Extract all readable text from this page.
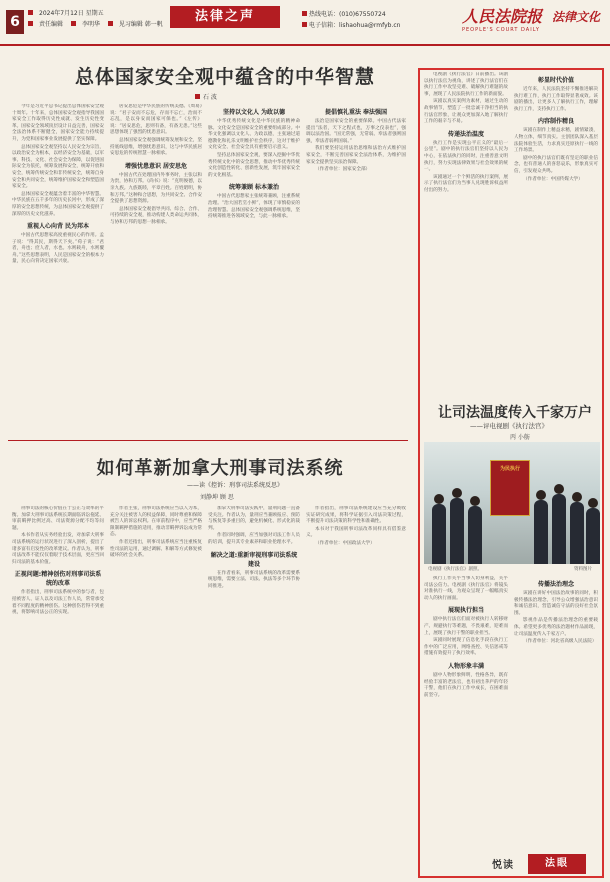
6
2024年7月12日 星期五
责任编辑	李明华	见习编辑 韩一帆
法律之声	热线电话：(010)67550724
电子信箱：lishaohua@rmfyb.cn	人民法院报
PEOPLE'S COURT DAILY
法律文化
总体国家安全观中蕴含的中华智慧
石 波

今年是习近平总书记提出总体国家安全观十周年。十年来，总体国家安全观指导我国国家安全工作取得历史性成就、发生历史性变革。国家安全领域顶层设计日益完善，国家安全法治体系不断健全，国家安全能力持续提升，为党和国家事业发展提供了坚实保障。

总体国家安全观坚持以人民安全为宗旨，以政治安全为根本，以经济安全为基础，以军事、科技、文化、社会安全为保障，以促进国际安全为依托，统筹发展和安全，统筹开放和安全，统筹传统安全和非传统安全，统筹自身安全和共同安全，统筹维护国家安全和塑造国家安全。

总体国家安全观蕴含着丰富的中华智慧。中华民族在五千多年的历史长河中，形成了深厚的安全思想传统，为总体国家安全观提供了深厚的历史文化滋养。

重视人心向背 民为邦本

中国古代思想家高度重视民心的作用。孟子说：“得其民，斯得天下矣。”荀子说：“君者，舟也；庶人者，水也。水则载舟，水则覆舟。”这些思想表明，人民是国家安全的根本力量，民心向背决定国家兴衰。

居安思危是中华民族的传统美德。《周易》说：“君子安而不忘危，存而不忘亡，治而不忘乱，是以身安而国家可保也。”《左传》说：“居安思危，思则有备，有备无患。”这些思想体现了强烈的忧患意识。

总体国家安全观强调统筹发展和安全，坚持底线思维，增强忧患意识，这与中华民族居安思危的传统智慧一脉相承。

增强忧患意识 居安思危

中国古代在处理国内外事务时，主张以和为贵，协和万邦。《尚书》说：“克明俊德，以亲九族。九族既睦，平章百姓。百姓昭明，协和万邦。”这种和合思想，为共同安全、合作安全提供了思想资源。

总体国家安全观倡导共同、综合、合作、可持续的安全观，推动构建人类命运共同体，与协和万邦的思想一脉相承。

坚持以文化人 为政以德

中华优秀传统文化是中华民族的精神命脉。文化安全是国家安全的重要组成部分。中华文化强调以文化人、为政以德，主张通过道德教化和礼乐文明维护社会秩序，这对于维护文化安全、社会安全具有重要启示意义。

坚持总体国家安全观，要深入挖掘中华优秀传统文化中的安全思想，推动中华优秀传统文化创造性转化、创新性发展，筑牢国家安全的文化根基。

统筹兼顾 标本兼治

中国古代思想家主张统筹兼顾，注重系统治理。“治大国若烹小鲜”，体现了审慎稳妥的治理智慧。总体国家安全观强调系统思维，坚持统筹推进各领域安全，与此一脉相承。

提倡慎礼重法 奉法强国

法治是国家安全的重要保障。中国古代法家提出“法者，天下之程式也，万事之仪表也”，强调以法治国。“国无常强，无常弱。奉法者强则国强，奉法者弱则国弱。”

我们要坚持运用法治思维和法治方式维护国家安全，不断完善国家安全法治体系，为维护国家安全提供坚实法治保障。

（作者单位：国家安全部）

如何革新加拿大刑事司法系统
——读《控诉：刑事司法系统反思》
刘静坤 顾 思

刑事司法的核心价值在于公正与效率的平衡。加拿大刑事司法系统长期面临诉讼拖延、审前羁押比例过高、司法资源分配不均等问题。

本书作者从实务经验出发，对加拿大刑事司法系统的运行状况进行了深入剖析，提出了诸多富有启发性的改革建议。作者认为，刑事司法改革不能仅仅着眼于技术层面，更应当回归司法的基本价值。

正视问题:精神创伤对刑事司法系统的改革

作者指出，刑事司法系统中的参与者，包括被害人、证人以及司法工作人员，常常承受着不同程度的精神创伤。这种创伤若得不到重视，将影响司法公正的实现。

作者主张，刑事司法系统应当以人为本，充分关注被害人的权益保障，同时尊重和保障被告人的诉讼权利。在审前程序中，应当严格限制羁押措施的适用，推动非羁押诉讼成为常态。

作者还指出，刑事司法系统应当注重恢复性司法的运用，通过调解、和解等方式修复被破坏的社会关系。

加拿大刑事司法实践中，量刑问题一直备受关注。作者认为，量刑应当兼顾报应、预防与恢复等多重目的，避免机械化、形式化的裁判。

作者同时强调，应当加强对司法工作人员的培训，提升其专业素养和职业伦理水平。

解决之道:重新审视刑事司法系统建设

在作者看来，刑事司法系统的改革需要系统思维，需要立法、司法、执法等多个环节协同推进。

作者指出，刑事司法系统建设应当充分吸收实证研究成果，将科学证据引入司法决策过程，不断提升司法决策的科学性和准确性。

本书对于我国刑事司法改革同样具有借鉴意义。

（作者单位：中国政法大学）

电视剧《执行法官》日前播出。该剧以执行法官为视角，讲述了执行法官们在执行工作中攻坚克难、破解执行难题的故事，展现了人民法院执行工作的新面貌。

该剧以真实案例为素材，通过生动的故事情节，塑造了一批忠诚干净担当的执行法官形象，让观众更加深入地了解执行工作的艰辛与不易。

传递法治温度

执行工作是实现公平正义的“最后一公里”。剧中的执行法官们坚持以人民为中心，在依法执行的同时，注重善意文明执行，努力实现法律效果与社会效果的统一。

该剧通过一个个鲜活的执行案例，展示了执行法官们为当事人兑现胜诉权益所付出的努力。

彰显时代价值

近年来，人民法院坚持不懈推进解决执行难工作，执行工作取得显著成效。该剧的播出，让更多人了解执行工作，理解执行工作，支持执行工作。

内容制作精良

该剧在制作上精益求精，剧情紧凑，人物立体，细节真实。主创团队深入基层法院体验生活，力求真实还原执行一线的工作场景。

剧中的执行法官们既有坚定的职业信念，也有普通人的喜怒哀乐，形象真实可信，引发观众共鸣。

（作者单位：中国传媒大学）

让司法温度传入千家万户
——评电视剧《执行法官》
丙 小舫
为民执行
电视剧《执行法官》剧照。	资料图片

执行工作关乎当事人切身利益，关乎司法公信力。电视剧《执行法官》将镜头对准执行一线，为观众呈现了一幅幅真实动人的执行画面。

展现执行担当

剧中执行法官们面对被执行人转移财产、规避执行等难题，不畏艰难，迎难而上，展现了执行干警的职业担当。

该剧同时展现了信息化手段在执行工作中的广泛应用，网络查控、失信惩戒等措施有效提升了执行效率。

人物形象丰满

剧中人物形象鲜明，性格各异，既有经验丰富的老法官，也有初出茅庐的年轻干警，他们在执行工作中成长，在困难面前坚守。

传播法治理念

该剧在讲好中国法治故事的同时，积极传播法治理念，引导公众增强法治意识和诚信意识，营造诚信守法的良好社会氛围。

影视作品是传播法治理念的重要载体。希望更多优秀的法治题材作品涌现，让司法温度传入千家万户。

（作者单位：河北省高级人民法院）

悦读	法眼
